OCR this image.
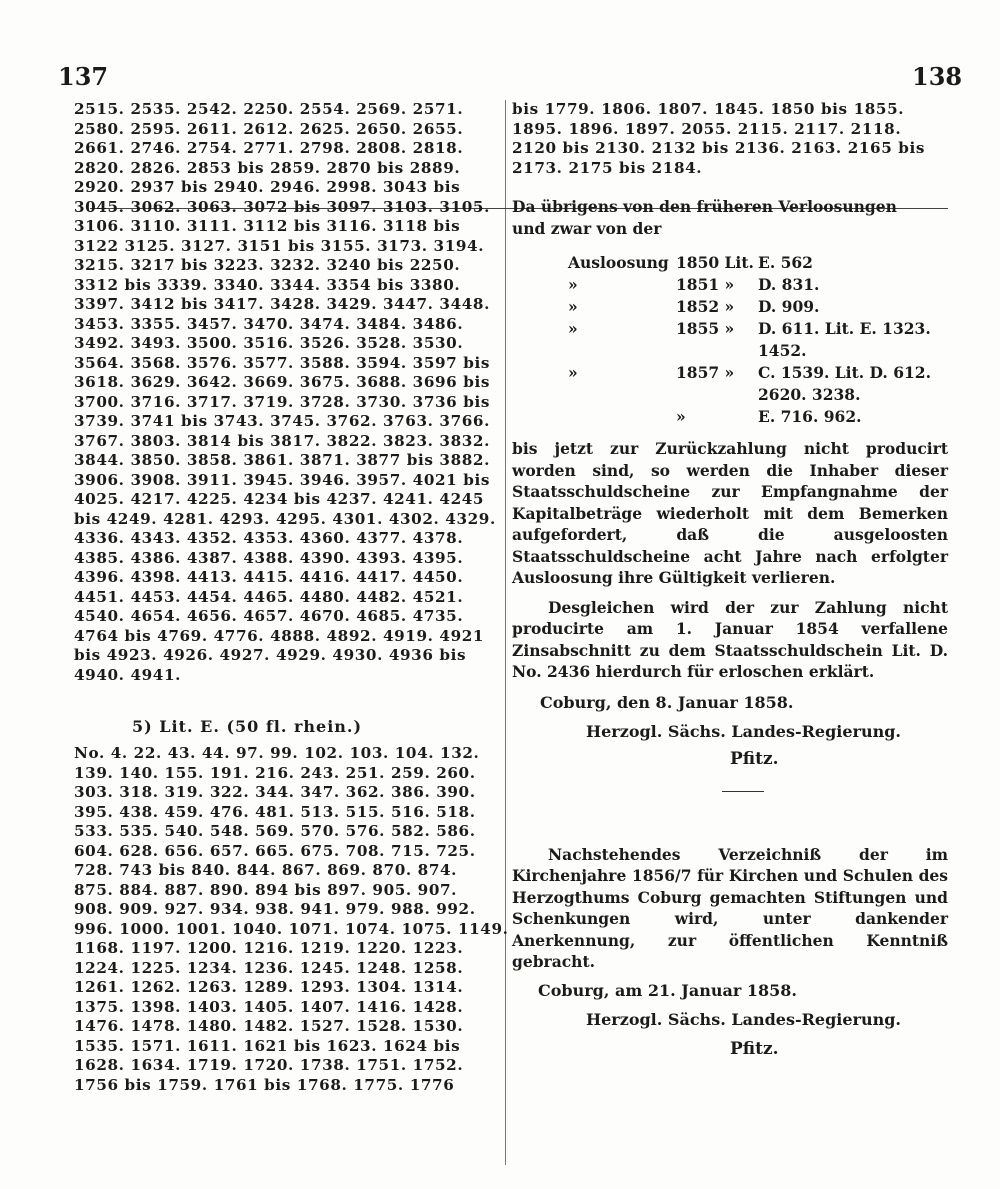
137	138
2515. 2535. 2542. 2250. 2554. 2569. 2571.
2580. 2595. 2611. 2612. 2625. 2650. 2655.
2661. 2746. 2754. 2771. 2798. 2808. 2818.
2820. 2826. 2853 bis 2859. 2870 bis 2889.
2920. 2937 bis 2940. 2946. 2998. 3043 bis
3045. 3062. 3063. 3072 bis 3097. 3103. 3105.
3106. 3110. 3111. 3112 bis 3116. 3118 bis
3122 3125. 3127. 3151 bis 3155. 3173. 3194.
3215. 3217 bis 3223. 3232. 3240 bis 2250.
3312 bis 3339. 3340. 3344. 3354 bis 3380.
3397. 3412 bis 3417. 3428. 3429. 3447. 3448.
3453. 3355. 3457. 3470. 3474. 3484. 3486.
3492. 3493. 3500. 3516. 3526. 3528. 3530.
3564. 3568. 3576. 3577. 3588. 3594. 3597 bis
3618. 3629. 3642. 3669. 3675. 3688. 3696 bis
3700. 3716. 3717. 3719. 3728. 3730. 3736 bis
3739. 3741 bis 3743. 3745. 3762. 3763. 3766.
3767. 3803. 3814 bis 3817. 3822. 3823. 3832.
3844. 3850. 3858. 3861. 3871. 3877 bis 3882.
3906. 3908. 3911. 3945. 3946. 3957. 4021 bis
4025. 4217. 4225. 4234 bis 4237. 4241. 4245
bis 4249. 4281. 4293. 4295. 4301. 4302. 4329.
4336. 4343. 4352. 4353. 4360. 4377. 4378.
4385. 4386. 4387. 4388. 4390. 4393. 4395.
4396. 4398. 4413. 4415. 4416. 4417. 4450.
4451. 4453. 4454. 4465. 4480. 4482. 4521.
4540. 4654. 4656. 4657. 4670. 4685. 4735.
4764 bis 4769. 4776. 4888. 4892. 4919. 4921
bis 4923. 4926. 4927. 4929. 4930. 4936 bis
4940. 4941.
5) Lit. E. (50 fl. rhein.)
No. 4. 22. 43. 44. 97. 99. 102. 103. 104. 132.
139. 140. 155. 191. 216. 243. 251. 259. 260.
303. 318. 319. 322. 344. 347. 362. 386. 390.
395. 438. 459. 476. 481. 513. 515. 516. 518.
533. 535. 540. 548. 569. 570. 576. 582. 586.
604. 628. 656. 657. 665. 675. 708. 715. 725.
728. 743 bis 840. 844. 867. 869. 870. 874.
875. 884. 887. 890. 894 bis 897. 905. 907.
908. 909. 927. 934. 938. 941. 979. 988. 992.
996. 1000. 1001. 1040. 1071. 1074. 1075. 1149.
1168. 1197. 1200. 1216. 1219. 1220. 1223.
1224. 1225. 1234. 1236. 1245. 1248. 1258.
1261. 1262. 1263. 1289. 1293. 1304. 1314.
1375. 1398. 1403. 1405. 1407. 1416. 1428.
1476. 1478. 1480. 1482. 1527. 1528. 1530.
1535. 1571. 1611. 1621 bis 1623. 1624 bis
1628. 1634. 1719. 1720. 1738. 1751. 1752.
1756 bis 1759. 1761 bis 1768. 1775. 1776
bis 1779. 1806. 1807. 1845. 1850 bis 1855.
1895. 1896. 1897. 2055. 2115. 2117. 2118.
2120 bis 2130. 2132 bis 2136. 2163. 2165 bis
2173. 2175 bis 2184.
Da übrigens von den früheren Verloosungen
und zwar von der
Ausloosung 1850 Lit. E. 562
»	1851 »	D. 831.
»	1852 »	D. 909.
»	1855 »	D. 611. Lit. E. 1323.
1452.
»	1857 »	C. 1539. Lit. D. 612.
2620. 3238.
»	E. 716. 962.
bis jetzt zur Zurückzahlung nicht producirt worden sind, so werden die Inhaber dieser Staatsschuldscheine zur Empfangnahme der Kapitalbeträge wiederholt mit dem Bemerken aufgefordert, daß die ausgeloosten Staatsschuldscheine acht Jahre nach erfolgter Ausloosung ihre Gültigkeit verlieren.
Desgleichen wird der zur Zahlung nicht producirte am 1. Januar 1854 verfallene Zinsabschnitt zu dem Staatsschuldschein Lit. D. No. 2436 hierdurch für erloschen erklärt.
Coburg, den 8. Januar 1858.
Herzogl. Sächs. Landes-Regierung.
Pfitz.
Nachstehendes Verzeichniß der im Kirchenjahre 1856/7 für Kirchen und Schulen des Herzogthums Coburg gemachten Stiftungen und Schenkungen wird, unter dankender Anerkennung, zur öffentlichen Kenntniß gebracht.
Coburg, am 21. Januar 1858.
Herzogl. Sächs. Landes-Regierung.
Pfitz.
